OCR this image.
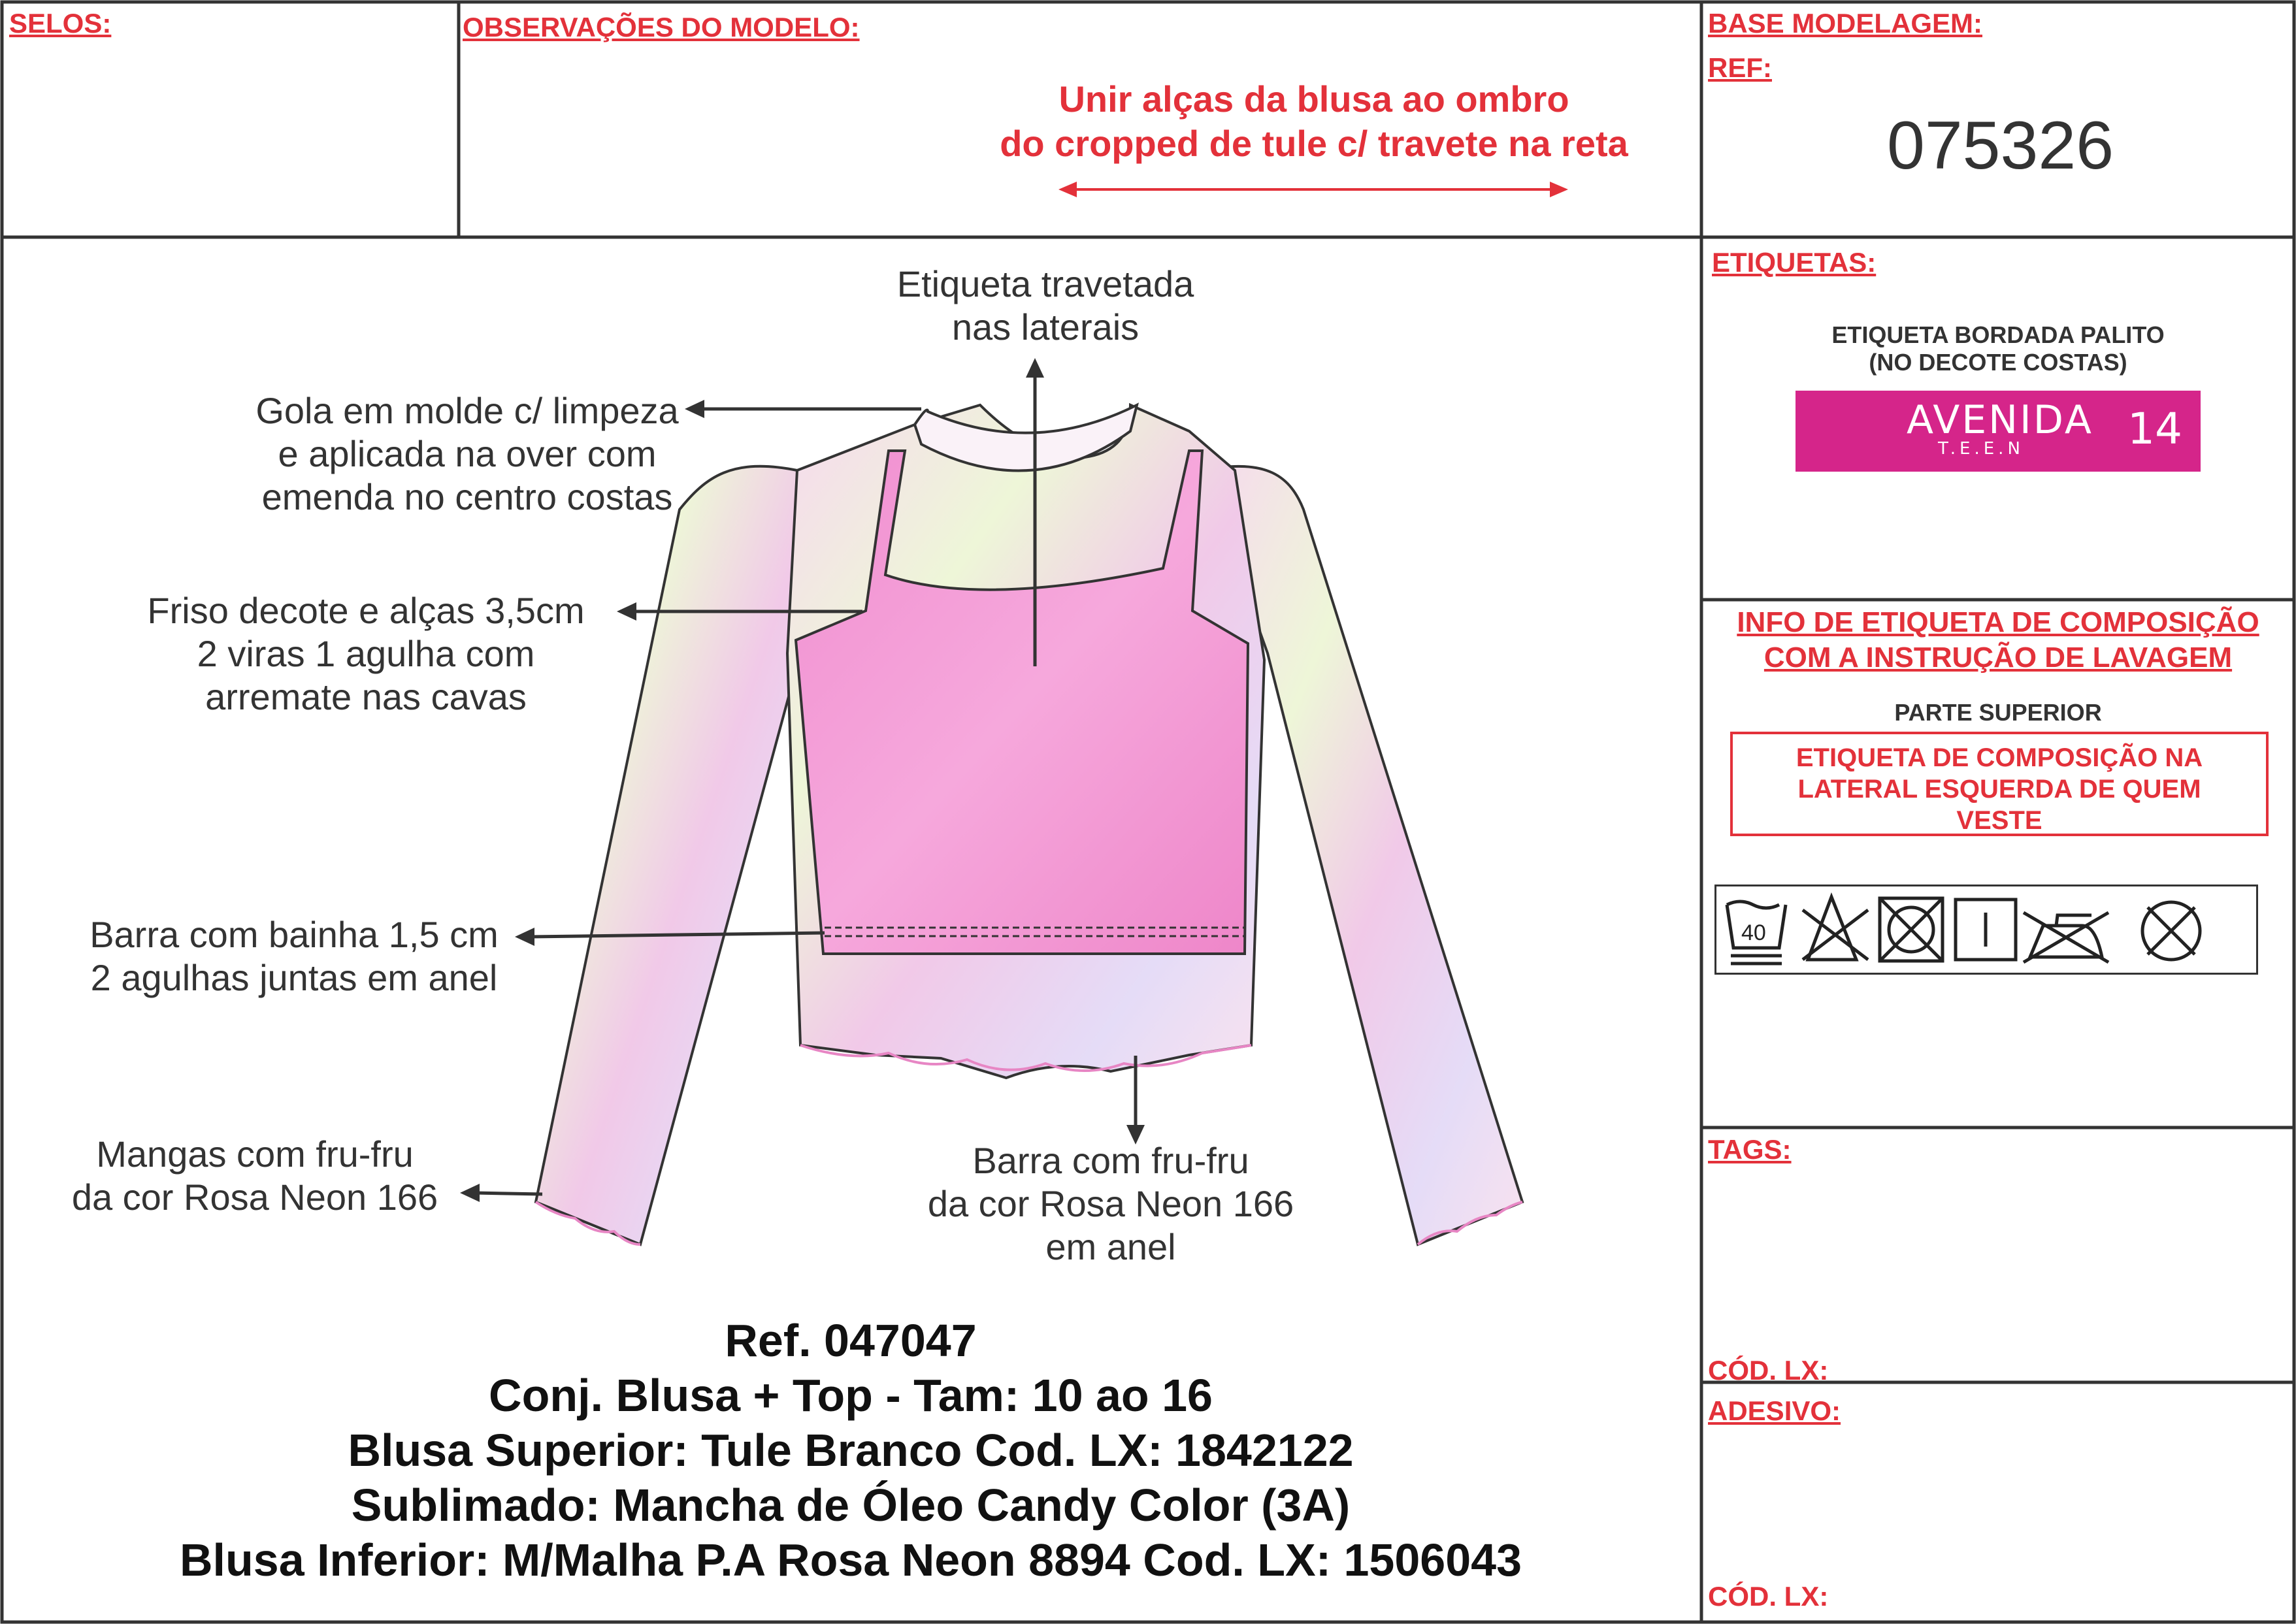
SELOS:	OBSERVAÇÕES DO MODELO:
Unir alças da blusa ao ombro
do cropped de tule c/ travete na reta
BASE MODELAGEM:
REF:
075326
ETIQUETAS:
ETIQUETA BORDADA PALITO
(NO DECOTE COSTAS)
AVENIDA
T.E.E.N 14
INFO DE ETIQUETA DE COMPOSIÇÃO
COM A INSTRUÇÃO DE LAVAGEM
PARTE SUPERIOR
ETIQUETA DE COMPOSIÇÃO NA
LATERAL ESQUERDA DE QUEM
VESTE
40
TAGS:
CÓD. LX:
ADESIVO:
CÓD. LX:
Etiqueta travetada
nas laterais
Gola em molde c/ limpeza
e aplicada na over com
emenda no centro costas
Friso decote e alças 3,5cm
2 viras 1 agulha com
arremate nas cavas
Barra com bainha 1,5 cm
2 agulhas juntas em anel
Mangas com fru-fru
da cor Rosa Neon 166
Barra com fru-fru
da cor Rosa Neon 166
em anel
Ref. 047047
Conj. Blusa + Top - Tam: 10 ao 16
Blusa Superior: Tule Branco Cod. LX: 1842122
Sublimado: Mancha de Óleo Candy Color (3A)
Blusa Inferior: M/Malha P.A Rosa Neon 8894 Cod. LX: 1506043
